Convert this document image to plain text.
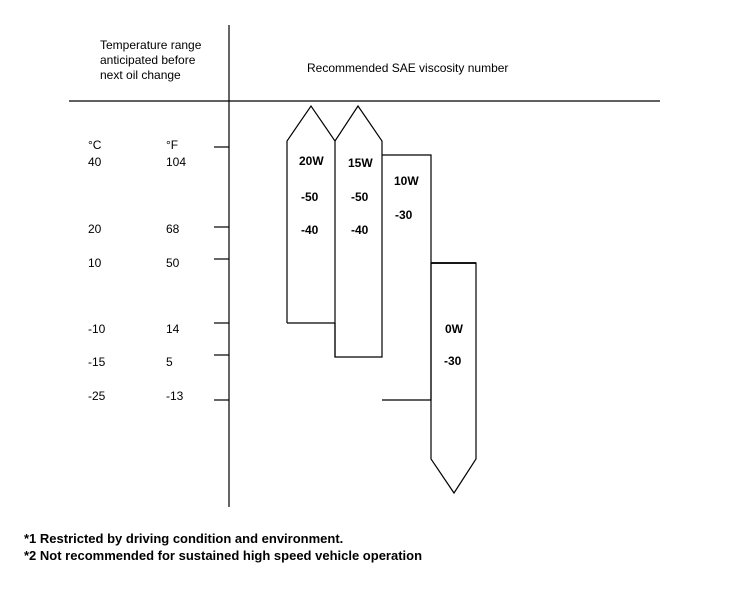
Temperature range
anticipated before
next oil change	Recommended SAE viscosity number
°C	°F
40	104
20	68
10	50
-10	14
-15	5
-25	-13
20W
-50
-40
15W
-50
-40
10W
-30
0W
-30
*1 Restricted by driving condition and environment.
*2 Not recommended for sustained high speed vehicle operation
